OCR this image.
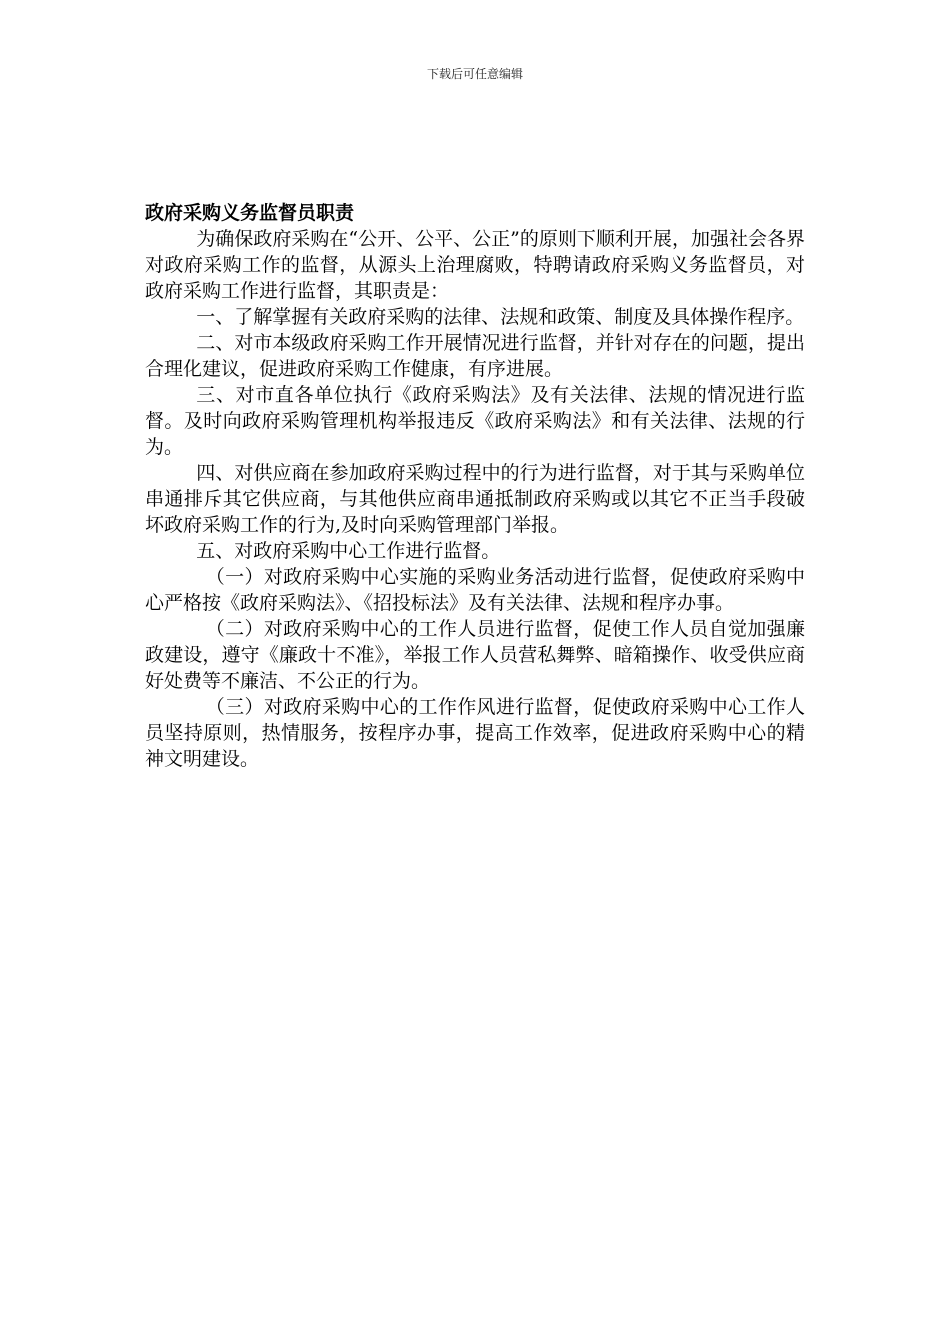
下载后可任意编辑
政府采购义务监督员职责

为确保政府采购在“公开、公平、公正”的原则下顺利开展，加强社会各界对政府采购工作的监督，从源头上治理腐败，特聘请政府采购义务监督员，对政府采购工作进行监督，其职责是：

一、了解掌握有关政府采购的法律、法规和政策、制度及具体操作程序。

二、对市本级政府采购工作开展情况进行监督，并针对存在的问题，提出合理化建议，促进政府采购工作健康，有序进展。

三、对市直各单位执行《政府采购法》及有关法律、法规的情况进行监督。及时向政府采购管理机构举报违反《政府采购法》和有关法律、法规的行为。

四、对供应商在参加政府采购过程中的行为进行监督，对于其与采购单位串通排斥其它供应商，与其他供应商串通抵制政府采购或以其它不正当手段破坏政府采购工作的行为,及时向采购管理部门举报。

五、对政府采购中心工作进行监督。

（一）对政府采购中心实施的采购业务活动进行监督，促使政府采购中心严格按《政府采购法》、《招投标法》及有关法律、法规和程序办事。

（二）对政府采购中心的工作人员进行监督，促使工作人员自觉加强廉政建设，遵守《廉政十不准》，举报工作人员营私舞弊、暗箱操作、收受供应商好处费等不廉洁、不公正的行为。

（三）对政府采购中心的工作作风进行监督，促使政府采购中心工作人员坚持原则，热情服务，按程序办事，提高工作效率，促进政府采购中心的精神文明建设。
